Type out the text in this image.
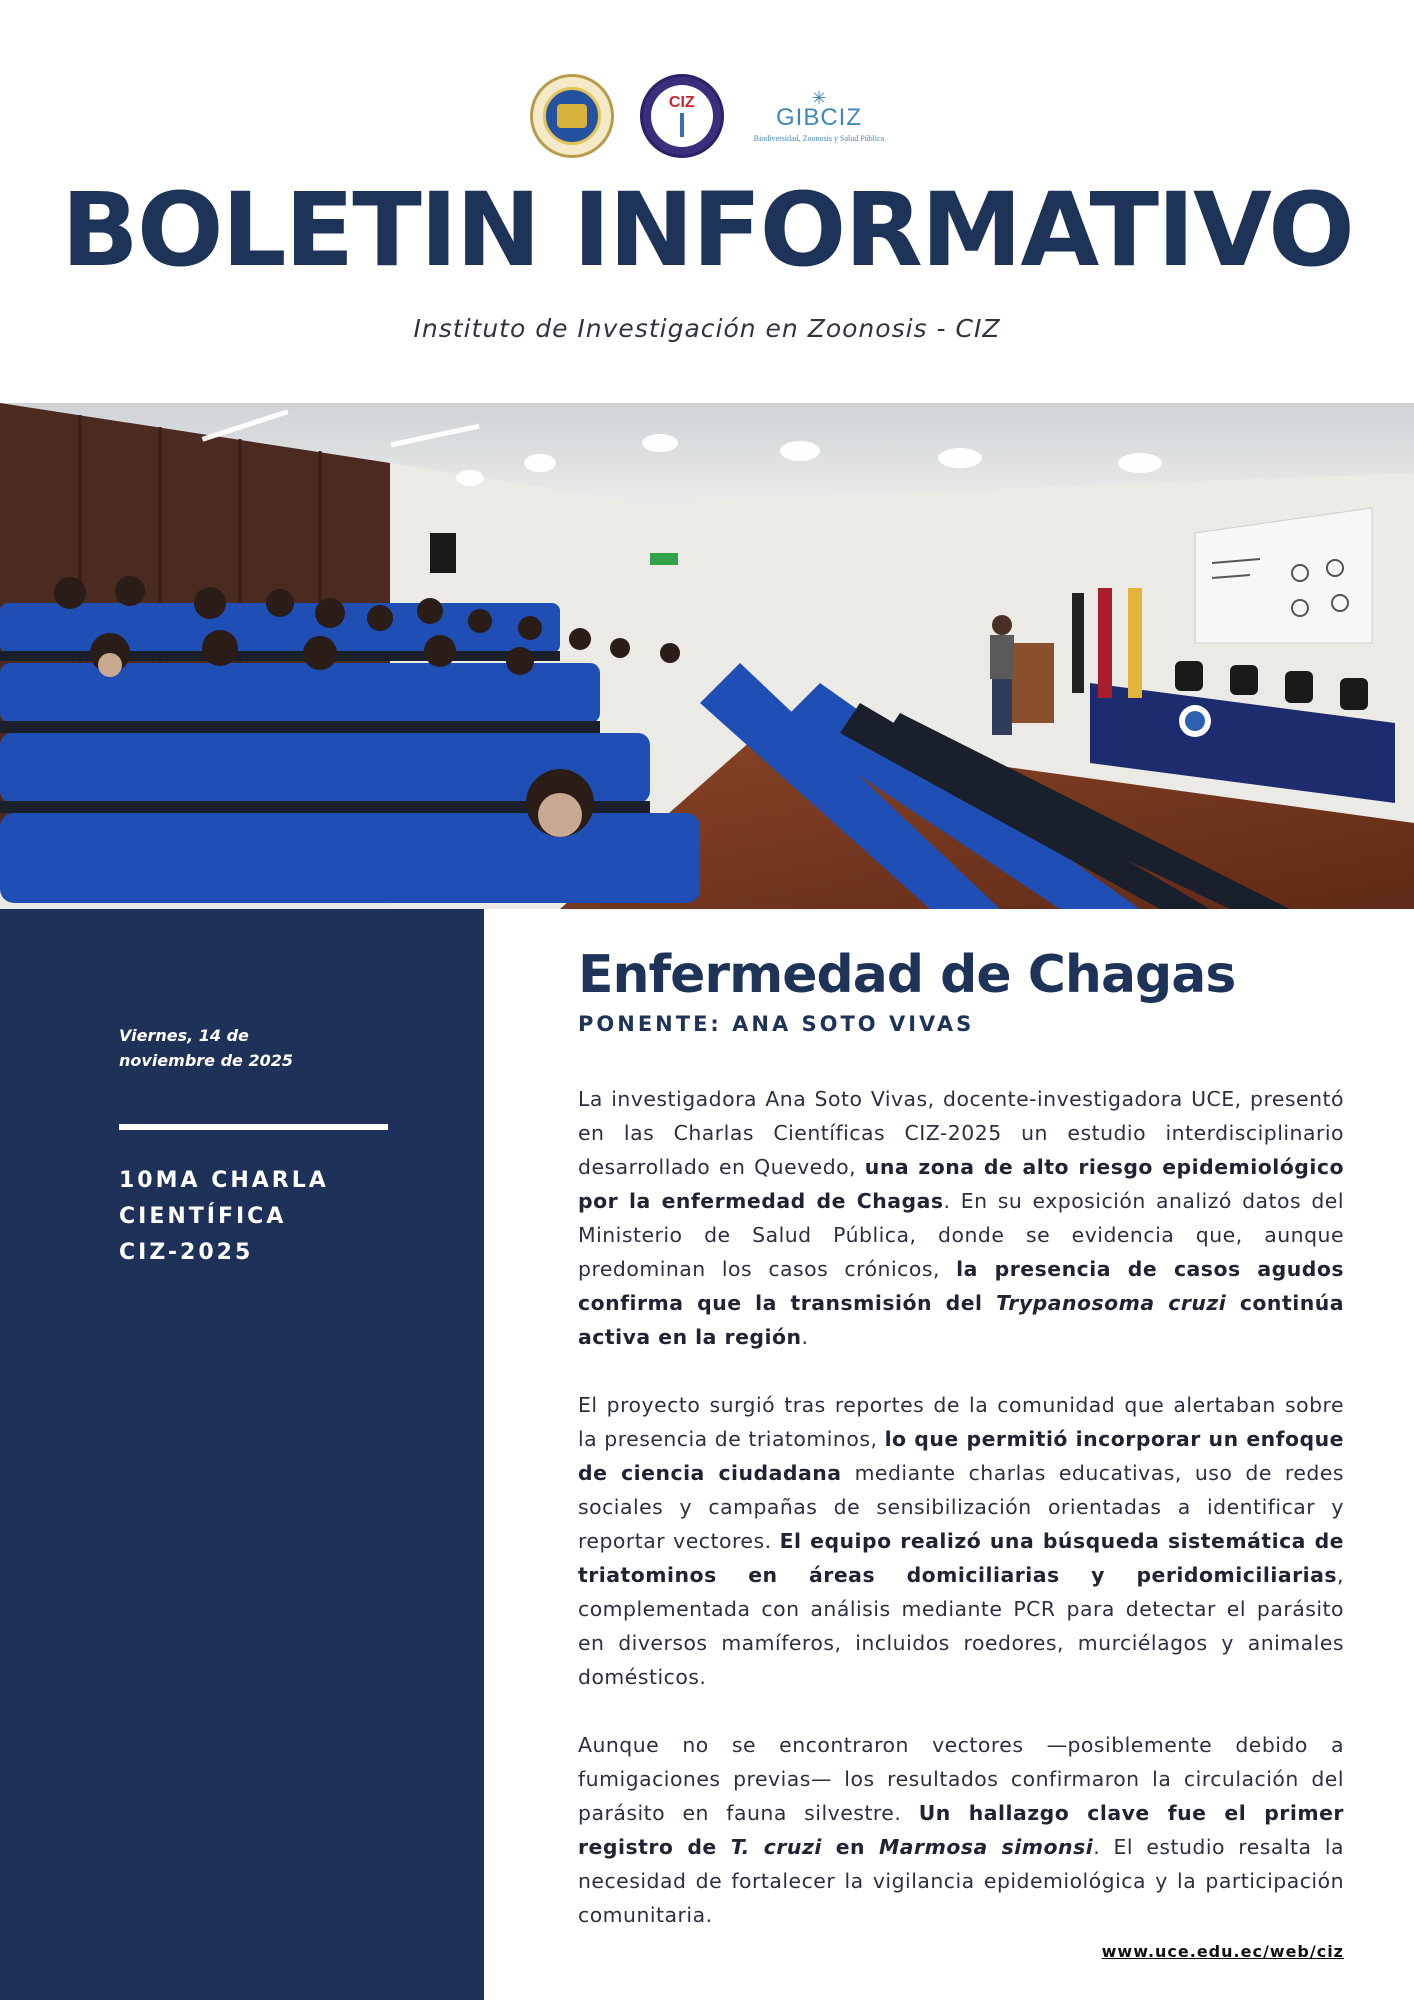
CIZ	✳
GIBCIZ
Biodiversidad, Zoonosis y Salud Pública
BOLETIN INFORMATIVO

Instituto de Investigación en Zoonosis - CIZ

Viernes, 14 de
noviembre de 2025

10MA CHARLA
CIENTÍFICA
CIZ-2025
Enfermedad de Chagas

PONENTE: ANA SOTO VIVAS

La investigadora Ana Soto Vivas, docente-investigadora UCE, presentó en las Charlas Científicas CIZ-2025 un estudio interdisciplinario desarrollado en Quevedo, una zona de alto riesgo epidemiológico por la enfermedad de Chagas. En su exposición analizó datos del Ministerio de Salud Pública, donde se evidencia que, aunque predominan los casos crónicos, la presencia de casos agudos confirma que la transmisión del Trypanosoma cruzi continúa activa en la región.

El proyecto surgió tras reportes de la comunidad que alertaban sobre la presencia de triatominos, lo que permitió incorporar un enfoque de ciencia ciudadana mediante charlas educativas, uso de redes sociales y campañas de sensibilización orientadas a identificar y reportar vectores. El equipo realizó una búsqueda sistemática de triatominos en áreas domiciliarias y peridomiciliarias, complementada con análisis mediante PCR para detectar el parásito en diversos mamíferos, incluidos roedores, murciélagos y animales domésticos.

Aunque no se encontraron vectores —posiblemente debido a fumigaciones previas— los resultados confirmaron la circulación del parásito en fauna silvestre. Un hallazgo clave fue el primer registro de T. cruzi en Marmosa simonsi. El estudio resalta la necesidad de fortalecer la vigilancia epidemiológica y la participación comunitaria.

www.uce.edu.ec/web/ciz
